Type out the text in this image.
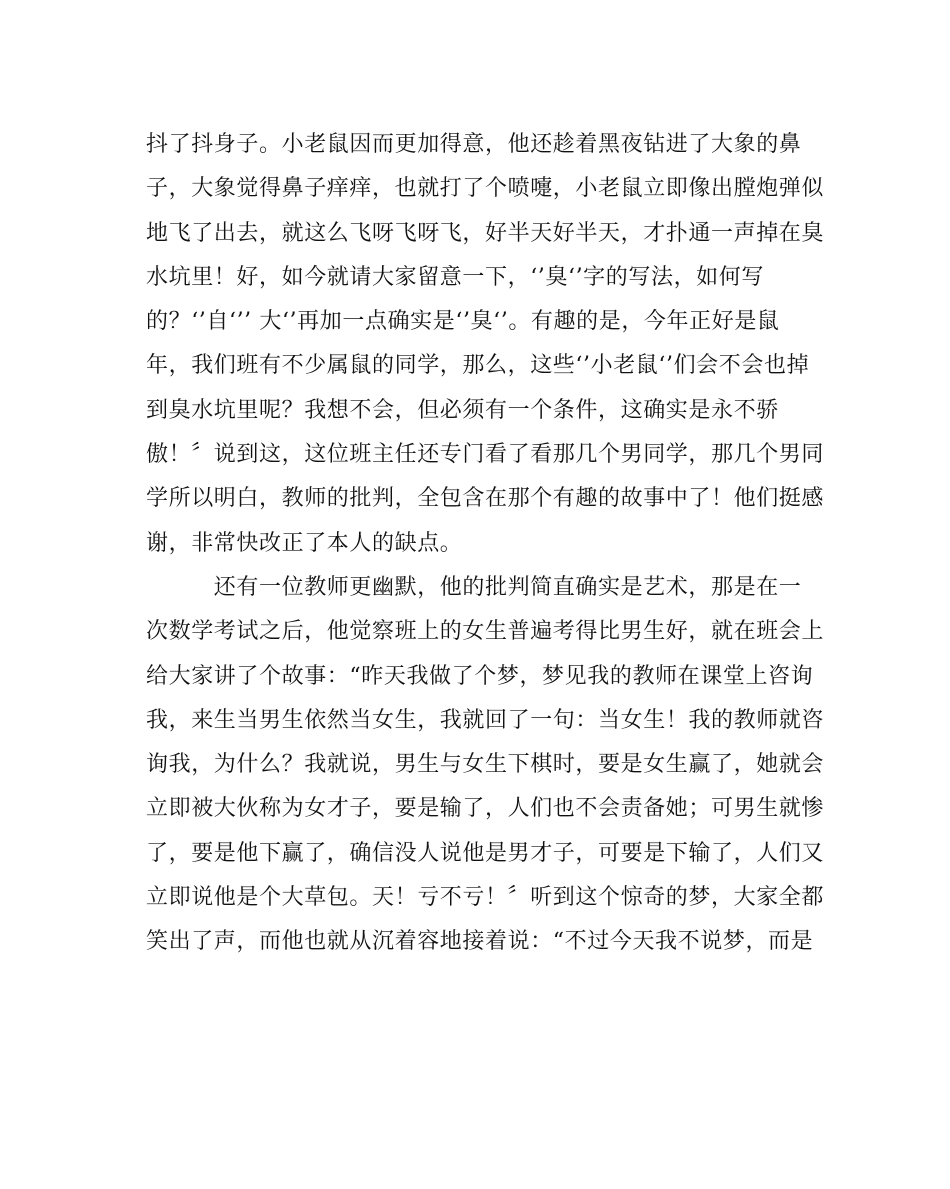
抖了抖身子。小老鼠因而更加得意，他还趁着黑夜钻进了大象的鼻
子，大象觉得鼻子痒痒，也就打了个喷嚏，小老鼠立即像出膛炮弹似
地飞了出去，就这么飞呀飞呀飞，好半天好半天，才扑通一声掉在臭
水坑里！好，如今就请大家留意一下，‘’臭‘’字的写法，如何写
的？‘’自‘’’ 大‘’再加一点确实是‘’臭‘’。有趣的是，今年正好是鼠
年，我们班有不少属鼠的同学，那么，这些‘’小老鼠‘’们会不会也掉
到臭水坑里呢？我想不会，但必须有一个条件，这确实是永不骄
傲！〞说到这，这位班主任还专门看了看那几个男同学，那几个男同
学所以明白，教师的批判，全包含在那个有趣的故事中了！他们挺感
谢，非常快改正了本人的缺点。
　　　还有一位教师更幽默，他的批判简直确实是艺术，那是在一
次数学考试之后，他觉察班上的女生普遍考得比男生好，就在班会上
给大家讲了个故事：“昨天我做了个梦，梦见我的教师在课堂上咨询
我，来生当男生依然当女生，我就回了一句：当女生！我的教师就咨
询我，为什么？我就说，男生与女生下棋时，要是女生赢了，她就会
立即被大伙称为女才子，要是输了，人们也不会责备她；可男生就惨
了，要是他下赢了，确信没人说他是男才子，可要是下输了，人们又
立即说他是个大草包。天！亏不亏！〞听到这个惊奇的梦，大家全都
笑出了声，而他也就从沉着容地接着说：“不过今天我不说梦，而是
